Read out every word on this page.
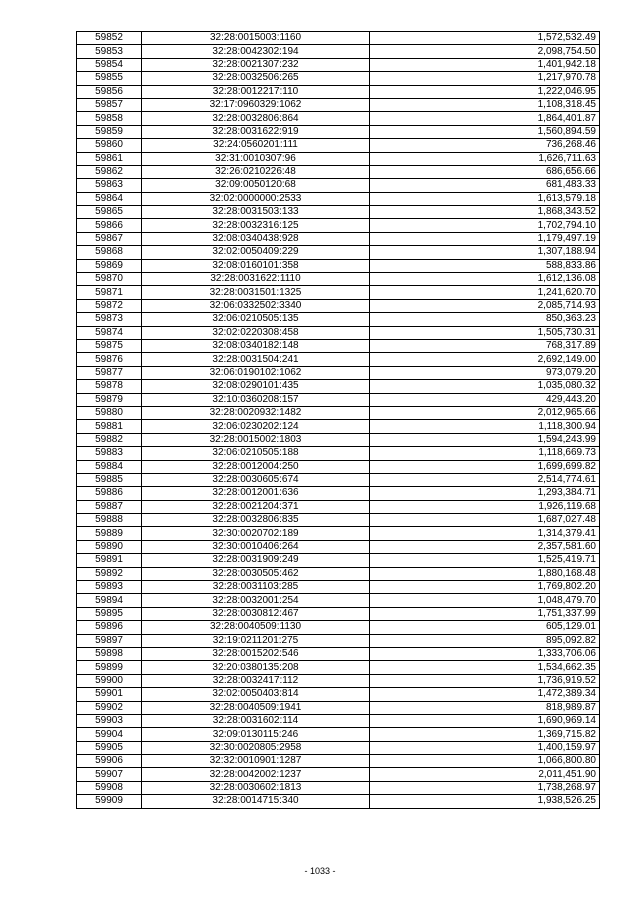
59852	32:28:0015003:1160	1,572,532.49
59853	32:28:0042302:194	2,098,754.50
59854	32:28:0021307:232	1,401,942.18
59855	32:28:0032506:265	1,217,970.78
59856	32:28:0012217:110	1,222,046.95
59857	32:17:0960329:1062	1,108,318.45
59858	32:28:0032806:864	1,864,401.87
59859	32:28:0031622:919	1,560,894.59
59860	32:24:0560201:111	736,268.46
59861	32:31:0010307:96	1,626,711.63
59862	32:26:0210226:48	686,656.66
59863	32:09:0050120:68	681,483.33
59864	32:02:0000000:2533	1,613,579.18
59865	32:28:0031503:133	1,868,343.52
59866	32:28:0032316:125	1,702,794.10
59867	32:08:0340438:928	1,179,497.19
59868	32:02:0050409:229	1,307,188.94
59869	32:08:0160101:358	588,833.86
59870	32:28:0031622:1110	1,612,136.08
59871	32:28:0031501:1325	1,241,620.70
59872	32:06:0332502:3340	2,085,714.93
59873	32:06:0210505:135	850,363.23
59874	32:02:0220308:458	1,505,730.31
59875	32:08:0340182:148	768,317.89
59876	32:28:0031504:241	2,692,149.00
59877	32:06:0190102:1062	973,079.20
59878	32:08:0290101:435	1,035,080.32
59879	32:10:0360208:157	429,443.20
59880	32:28:0020932:1482	2,012,965.66
59881	32:06:0230202:124	1,118,300.94
59882	32:28:0015002:1803	1,594,243.99
59883	32:06:0210505:188	1,118,669.73
59884	32:28:0012004:250	1,699,699.82
59885	32:28:0030605:674	2,514,774.61
59886	32:28:0012001:636	1,293,384.71
59887	32:28:0021204:371	1,926,119.68
59888	32:28:0032806:835	1,687,027.48
59889	32:30:0020702:189	1,314,379.41
59890	32:30:0010406:264	2,357,581.60
59891	32:28:0031909:249	1,525,419.71
59892	32:28:0030505:462	1,880,168.48
59893	32:28:0031103:285	1,769,802.20
59894	32:28:0032001:254	1,048,479.70
59895	32:28:0030812:467	1,751,337.99
59896	32:28:0040509:1130	605,129.01
59897	32:19:0211201:275	895,092.82
59898	32:28:0015202:546	1,333,706.06
59899	32:20:0380135:208	1,534,662.35
59900	32:28:0032417:112	1,736,919.52
59901	32:02:0050403:814	1,472,389.34
59902	32:28:0040509:1941	818,989.87
59903	32:28:0031602:114	1,690,969.14
59904	32:09:0130115:246	1,369,715.82
59905	32:30:0020805:2958	1,400,159.97
59906	32:32:0010901:1287	1,066,800.80
59907	32:28:0042002:1237	2,011,451.90
59908	32:28:0030602:1813	1,738,268.97
59909	32:28:0014715:340	1,938,526.25
- 1033 -
